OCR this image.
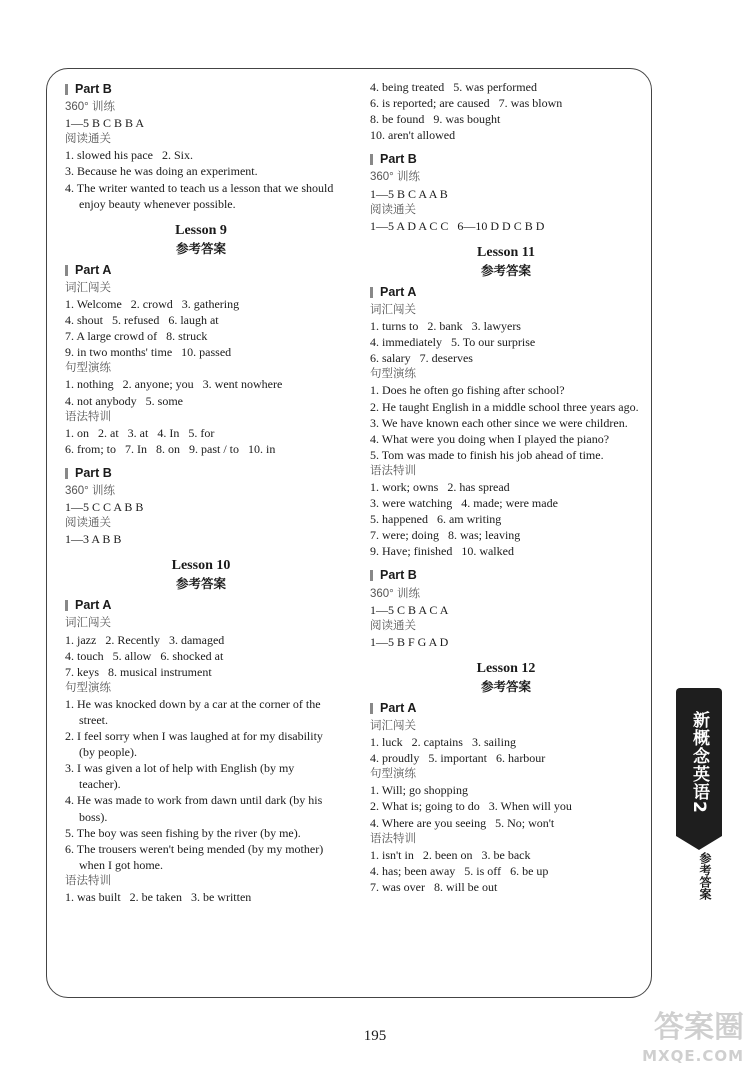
Part B
360° 训练
1—5 B C B B A
阅读通关
1. slowed his pace   2. Six.
3. Because he was doing an experiment.
4. The writer wanted to teach us a lesson that we should enjoy beauty whenever possible.
Lesson 9
参考答案
Part A
词汇闯关
1. Welcome   2. crowd   3. gathering
4. shout   5. refused   6. laugh at
7. A large crowd of   8. struck
9. in two months' time   10. passed
句型演练
1. nothing   2. anyone; you   3. went nowhere
4. not anybody   5. some
语法特训
1. on   2. at   3. at   4. In   5. for
6. from; to   7. In   8. on   9. past / to   10. in
Part B
360° 训练
1—5 C C A B B
阅读通关
1—3 A B B
Lesson 10
参考答案
Part A
词汇闯关
1. jazz   2. Recently   3. damaged
4. touch   5. allow   6. shocked at
7. keys   8. musical instrument
句型演练
1. He was knocked down by a car at the corner of the street.
2. I feel sorry when I was laughed at for my disability (by people).
3. I was given a lot of help with English (by my teacher).
4. He was made to work from dawn until dark (by his boss).
5. The boy was seen fishing by the river (by me).
6. The trousers weren't being mended (by my mother) when I got home.
语法特训
1. was built   2. be taken   3. be written
4. being treated   5. was performed
6. is reported; are caused   7. was blown
8. be found   9. was bought
10. aren't allowed
Part B
360° 训练
1—5 B C A A B
阅读通关
1—5 A D A C C   6—10 D D C B D
Lesson 11
参考答案
Part A
词汇闯关
1. turns to   2. bank   3. lawyers
4. immediately   5. To our surprise
6. salary   7. deserves
句型演练
1. Does he often go fishing after school?
2. He taught English in a middle school three years ago.
3. We have known each other since we were children.
4. What were you doing when I played the piano?
5. Tom was made to finish his job ahead of time.
语法特训
1. work; owns   2. has spread
3. were watching   4. made; were made
5. happened   6. am writing
7. were; doing   8. was; leaving
9. Have; finished   10. walked
Part B
360° 训练
1—5 C B A C A
阅读通关
1—5 B F G A D
Lesson 12
参考答案
Part A
词汇闯关
1. luck   2. captains   3. sailing
4. proudly   5. important   6. harbour
句型演练
1. Will; go shopping
2. What is; going to do   3. When will you
4. Where are you seeing   5. No; won't
语法特训
1. isn't in   2. been on   3. be back
4. has; been away   5. is off   6. be up
7. was over   8. will be out
195
新概念英语2
参考答案
答案圈
MXQE.COM
